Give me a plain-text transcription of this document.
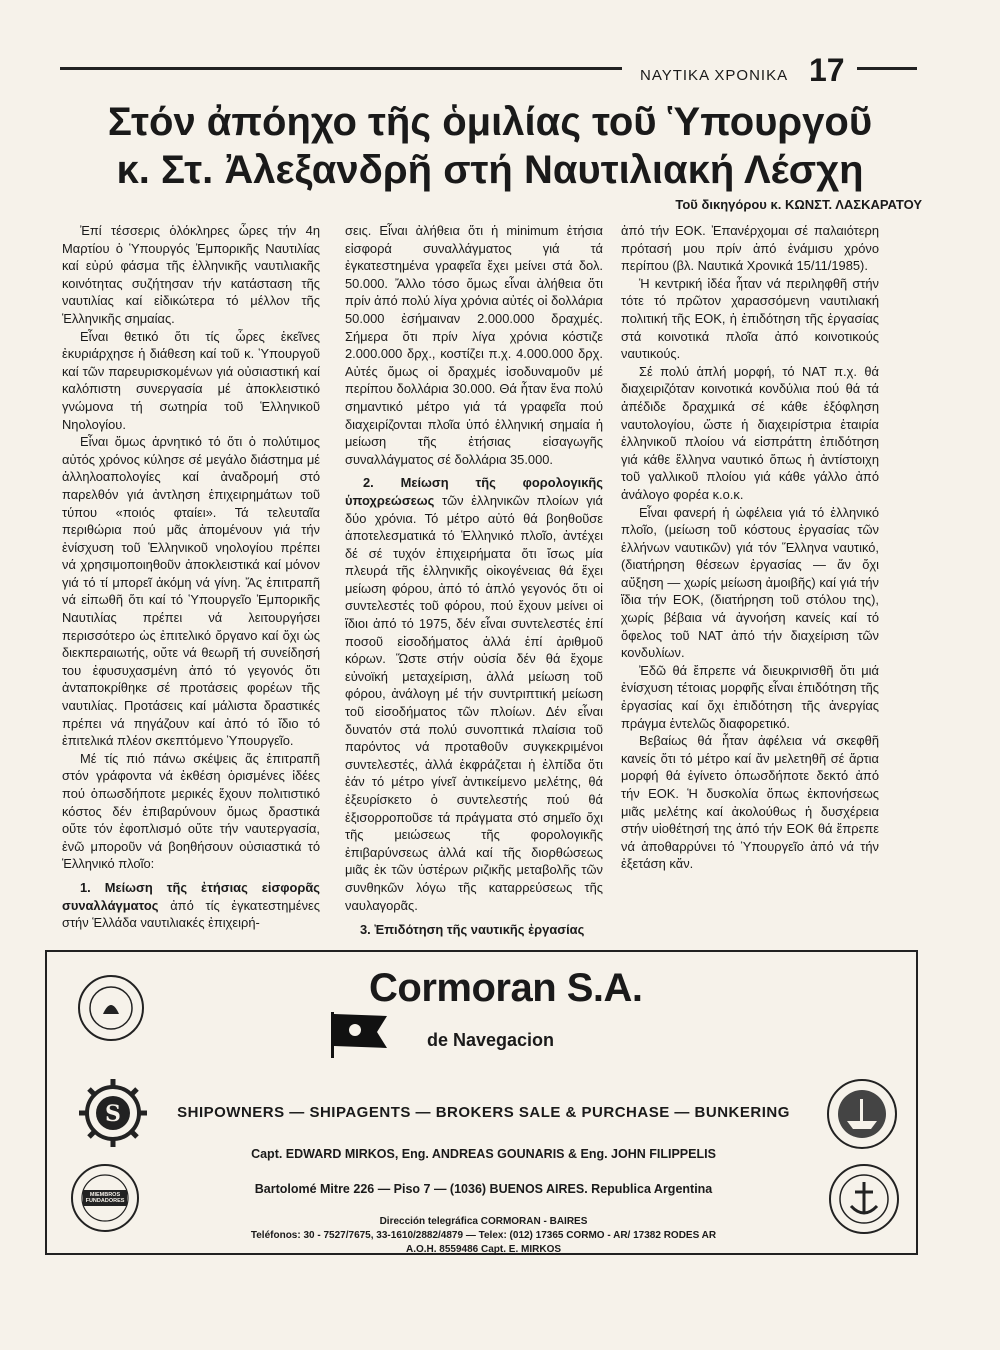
ΝΑΥΤΙΚΑ ΧΡΟΝΙΚΑ 17
Στόν ἀπόηχο τῆς ὁμιλίας τοῦ Ὑπουργοῦ
κ. Στ. Ἀλεξανδρῆ στή Ναυτιλιακή Λέσχη
Τοῦ δικηγόρου κ. ΚΩΝΣΤ. ΛΑΣΚΑΡΑΤΟΥ

Ἐπί τέσσερις ὁλόκληρες ὧρες τήν 4η Μαρτίου ὁ Ὑπουργός Ἐμπορικῆς Ναυτιλίας καί εὐρύ φάσμα τῆς ἑλληνικῆς ναυτιλιακῆς κοινότητας συζήτησαν τήν κατάσταση τῆς ναυτιλίας καί εἰδικώτερα τό μέλλον τῆς Ἑλληνικῆς σημαίας.

Εἶναι θετικό ὅτι τίς ὧρες ἐκεῖνες ἐκυριάρχησε ἡ διάθεση καί τοῦ κ. Ὑπουργοῦ καί τῶν παρευρισκομένων γιά οὐσιαστική καί καλόπιστη συνεργασία μέ ἀποκλειστικό γνώμονα τή σωτηρία τοῦ Ἑλληνικοῦ Νηολογίου.

Εἶναι ὅμως ἀρνητικό τό ὅτι ὁ πολύτιμος αὐτός χρόνος κύλησε σέ μεγάλο διάστημα μέ ἀλληλοαπολογίες καί ἀναδρομή στό παρελθόν γιά ἀντληση ἐπιχειρημάτων τοῦ τύπου «ποιός φταίει». Τά τελευταῖα περιθώρια πού μᾶς ἀπομένουν γιά τήν ἐνίσχυση τοῦ Ἑλληνικοῦ νηολογίου πρέπει νά χρησιμοποιηθοῦν ἀποκλειστικά καί μόνον γιά τό τί μπορεῖ ἀκόμη νά γίνη. Ἄς ἐπιτραπῆ νά εἰπωθῆ ὅτι καί τό Ὑπουργεῖο Ἐμπορικῆς Ναυτιλίας πρέπει νά λειτουργήσει περισσότερο ὡς ἐπιτελικό ὄργανο καί ὄχι ὡς διεκπεραιωτής, οὔτε νά θεωρῆ τή συνείδησή του ἐφυσυχασμένη ἀπό τό γεγονός ὅτι ἀνταποκρίθηκε σέ προτάσεις φορέων τῆς ναυτιλίας. Προτάσεις καί μάλιστα δραστικές πρέπει νά πηγάζουν καί ἀπό τό ἴδιο τό ἐπιτελικά πλέον σκεπτόμενο Ὑπουργεῖο.

Μέ τίς πιό πάνω σκέψεις ἄς ἐπιτραπῆ στόν γράφοντα νά ἐκθέση ὁρισμένες ἰδέες πού ὁπωσδήποτε μερικές ἔχουν πολιτιστικό κόστος δέν ἐπιβαρύνουν ὅμως δραστικά οὔτε τόν ἐφοπλισμό οὔτε τήν ναυτεργασία, ἐνῶ μποροῦν νά βοηθήσουν οὐσιαστικά τό Ἑλληνικό πλοῖο:

1. Μείωση τῆς ἐτήσιας εἰσφορᾶς συναλλάγματος ἀπό τίς ἐγκατεστημένες στήν Ἑλλάδα ναυτιλιακές ἐπιχειρή-

σεις. Εἶναι ἀλήθεια ὅτι ἡ minimum ἐτήσια εἰσφορά συναλλάγματος γιά τά ἐγκατεστημένα γραφεῖα ἔχει μείνει στά δολ. 50.000. Ἄλλο τόσο ὅμως εἶναι ἀλήθεια ὅτι πρίν ἀπό πολύ λίγα χρόνια αὐτές οἱ δολλάρια 50.000 ἐσήμαιναν 2.000.000 δραχμές. Σήμερα ὅτι πρίν λίγα χρόνια κόστιζε 2.000.000 δρχ., κοστίζει π.χ. 4.000.000 δρχ. Αὐτές ὅμως οἱ δραχμές ἰσοδυναμοῦν μέ περίπου δολλάρια 30.000. Θά ἦταν ἕνα πολύ σημαντικό μέτρο γιά τά γραφεῖα πού διαχειρίζονται πλοῖα ὑπό ἑλληνική σημαία ἡ μείωση τῆς ἐτήσιας εἰσαγωγῆς συναλλάγματος σέ δολλάρια 35.000.

2. Μείωση τῆς φορολογικῆς ὑποχρεώσεως τῶν ἑλληνικῶν πλοίων γιά δύο χρόνια. Τό μέτρο αὐτό θά βοηθοῦσε ἀποτελεσματικά τό Ἑλληνικό πλοῖο, ἀντέχει δέ σέ τυχόν ἐπιχειρήματα ὅτι ἴσως μία πλευρά τῆς ἑλληνικῆς οἰκογένειας θά ἔχει μείωση φόρου, ἀπό τό ἁπλό γεγονός ὅτι οἱ συντελεστές τοῦ φόρου, πού ἔχουν μείνει οἱ ἴδιοι ἀπό τό 1975, δέν εἶναι συντελεστές ἐπί ποσοῦ εἰσοδήματος ἀλλά ἐπί ἀριθμοῦ κόρων. Ὥστε στήν οὐσία δέν θά ἔχομε εὐνοϊκή μεταχείριση, ἀλλά μείωση τοῦ φόρου, ἀνάλογη μέ τήν συντριπτική μείωση τοῦ εἰσοδήματος τῶν πλοίων. Δέν εἶναι δυνατόν στά πολύ συνοπτικά πλαίσια τοῦ παρόντος νά προταθοῦν συγκεκριμένοι συντελεστές, ἀλλά ἐκφράζεται ἡ ἐλπίδα ὅτι ἐάν τό μέτρο γίνεῖ ἀντικείμενο μελέτης, θά ἐξευρίσκετο ὁ συντελεστής πού θά ἐξισορροποῦσε τά πράγματα στό σημεῖο ὄχι τῆς μειώσεως τῆς φορολογικῆς ἐπιβαρύνσεως ἀλλά καί τῆς διορθώσεως μιᾶς ἐκ τῶν ὑστέρων ριζικῆς μεταβολῆς τῶν συνθηκῶν λόγω τῆς καταρρεύσεως τῆς ναυλαγορᾶς.

3. Ἐπιδότηση τῆς ναυτικῆς ἐργασίας

ἀπό τήν ΕΟΚ. Ἐπανέρχομαι σέ παλαιότερη πρότασή μου πρίν ἀπό ἐνάμισυ χρόνο περίπου (βλ. Ναυτικά Χρονικά 15/11/1985).

Ἡ κεντρική ἰδέα ἦταν νά περιληφθῆ στήν τότε τό πρῶτον χαρασσόμενη ναυτιλιακή πολιτική τῆς ΕΟΚ, ἡ ἐπιδότηση τῆς ἐργασίας στά κοινοτικά πλοῖα ἀπό κοινοτικούς ναυτικούς.

Σέ πολύ ἁπλή μορφή, τό ΝΑΤ π.χ. θά διαχειριζόταν κοινοτικά κονδύλια πού θά τά ἀπέδιδε δραχμικά σέ κάθε ἐξόφληση ναυτολογίου, ὥστε ἡ διαχειρίστρια ἑταιρία ἑλληνικοῦ πλοίου νά εἰσπράττη ἐπιδότηση γιά κάθε ἕλληνα ναυτικό ὅπως ἡ ἀντίστοιχη τοῦ γαλλικοῦ πλοίου γιά κάθε γάλλο ἀπό ἀνάλογο φορέα κ.ο.κ.

Εἶναι φανερή ἡ ὠφέλεια γιά τό ἑλληνικό πλοῖο, (μείωση τοῦ κόστους ἐργασίας τῶν ἑλλήνων ναυτικῶν) γιά τόν Ἕλληνα ναυτικό, (διατήρηση θέσεων ἐργασίας — ἄν ὄχι αὔξηση — χωρίς μείωση ἀμοιβῆς) καί γιά τήν ἴδια τήν ΕΟΚ, (διατήρηση τοῦ στόλου της), χωρίς βέβαια νά ἀγνοήση κανείς καί τό ὄφελος τοῦ ΝΑΤ ἀπό τήν διαχείριση τῶν κονδυλίων.

Ἐδῶ θά ἔπρεπε νά διευκρινισθῆ ὅτι μιά ἐνίσχυση τέτοιας μορφῆς εἶναι ἐπιδότηση τῆς ἐργασίας καί ὄχι ἐπιδότηση τῆς ἀνεργίας πράγμα ἐντελῶς διαφορετικό.

Βεβαίως θά ἦταν ἀφέλεια νά σκεφθῆ κανείς ὅτι τό μέτρο καί ἄν μελετηθῆ σέ ἄρτια μορφή θά ἐγίνετο ὁπωσδήποτε δεκτό ἀπό τήν ΕΟΚ. Ἡ δυσκολία ὅπως ἐκπονήσεως μιᾶς μελέτης καί ἀκολούθως ἡ δυσχέρεια στήν υἱοθέτησή της ἀπό τήν ΕΟΚ θά ἔπρεπε νά ἀποθαρρύνει τό Ὑπουργεῖο ἀπό νά τήν ἐξετάση κἄν.

Cormoran S.A.
de Navegacion
S
MIEMBROS FUNDADORES
SHIPOWNERS — SHIPAGENTS — BROKERS SALE & PURCHASE — BUNKERING
Capt. EDWARD MIRKOS, Eng. ANDREAS GOUNARIS & Eng. JOHN FILIPPELIS
Bartolomé Mitre 226 — Piso 7 — (1036) BUENOS AIRES. Republica Argentina
Dirección telegráfica CORMORAN - BAIRES
Teléfonos: 30 - 7527/7675, 33-1610/2882/4879 — Telex: (012) 17365 CORMO - AR/ 17382 RODES AR
A.O.H. 8559486 Capt. E. MIRKOS
